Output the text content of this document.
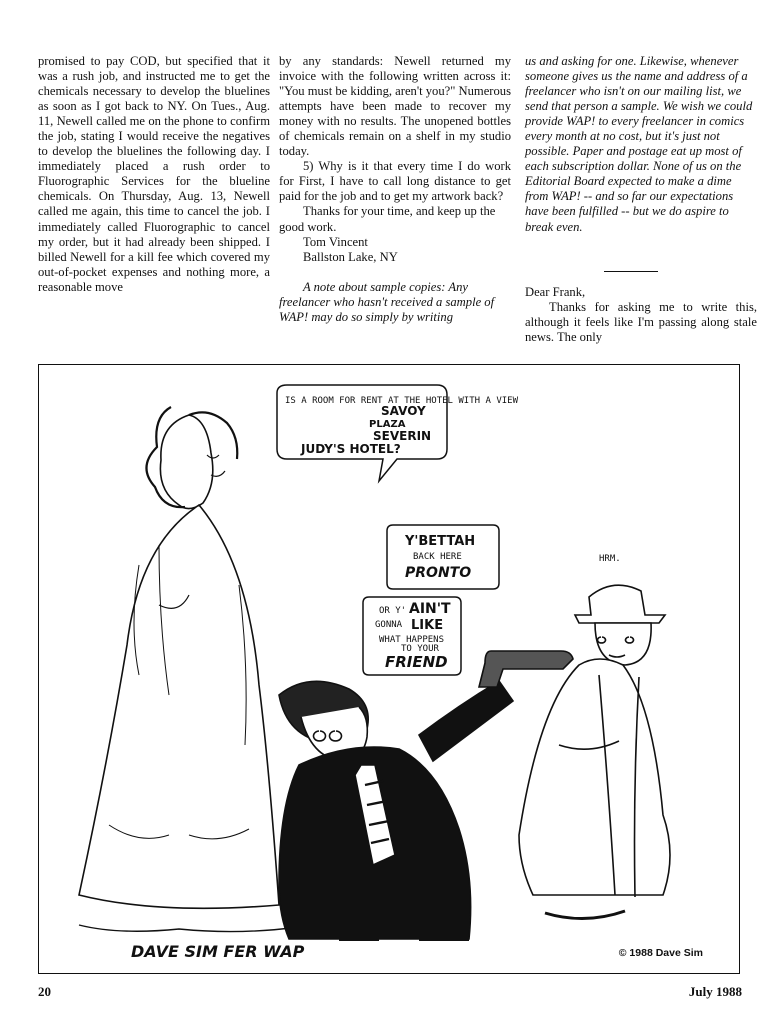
promised to pay COD, but specified that it was a rush job, and instructed me to get the chemicals necessary to develop the bluelines as soon as I got back to NY. On Tues., Aug. 11, Newell called me on the phone to confirm the job, stating I would receive the negatives to develop the bluelines the following day. I immediately placed a rush order to Fluorographic Services for the blueline chemicals. On Thursday, Aug. 13, Newell called me again, this time to cancel the job. I immediately called Fluorographic to cancel my order, but it had already been shipped. I billed Newell for a kill fee which covered my out-of-pocket expenses and nothing more, a reasonable move

by any standards: Newell returned my invoice with the following written across it: "You must be kidding, aren't you?" Numerous attempts have been made to recover my money with no results. The unopened bottles of chemicals remain on a shelf in my studio today.

5) Why is it that every time I do work for First, I have to call long distance to get paid for the job and to get my artwork back?

Thanks for your time, and keep up the good work.

Tom Vincent

Ballston Lake, NY

A note about sample copies: Any freelancer who hasn't received a sample of WAP! may do so simply by writing

us and asking for one. Likewise, whenever someone gives us the name and address of a freelancer who isn't on our mailing list, we send that person a sample. We wish we could provide WAP! to every freelancer in comics every month at no cost, but it's just not possible. Paper and postage eat up most of each subscription dollar. None of us on the Editorial Board expected to make a dime from WAP! -- and so far our expectations have been fulfilled -- but we do aspire to break even.

Dear Frank,

Thanks for asking me to write this, although it feels like I'm passing along stale news. The only

IS A ROOM FOR RENT AT THE HOTEL WITH A VIEW
SAVOY
PLAZA
SEVERIN
JUDY'S HOTEL?
Y'BETTAH
BACK HERE
PRONTO
OR Y' AIN'T
GONNA LIKE
WHAT HAPPENS
TO YOUR
FRIEND
HRM.
DAVE SIM FER WAP	© 1988 Dave Sim
20	July 1988
